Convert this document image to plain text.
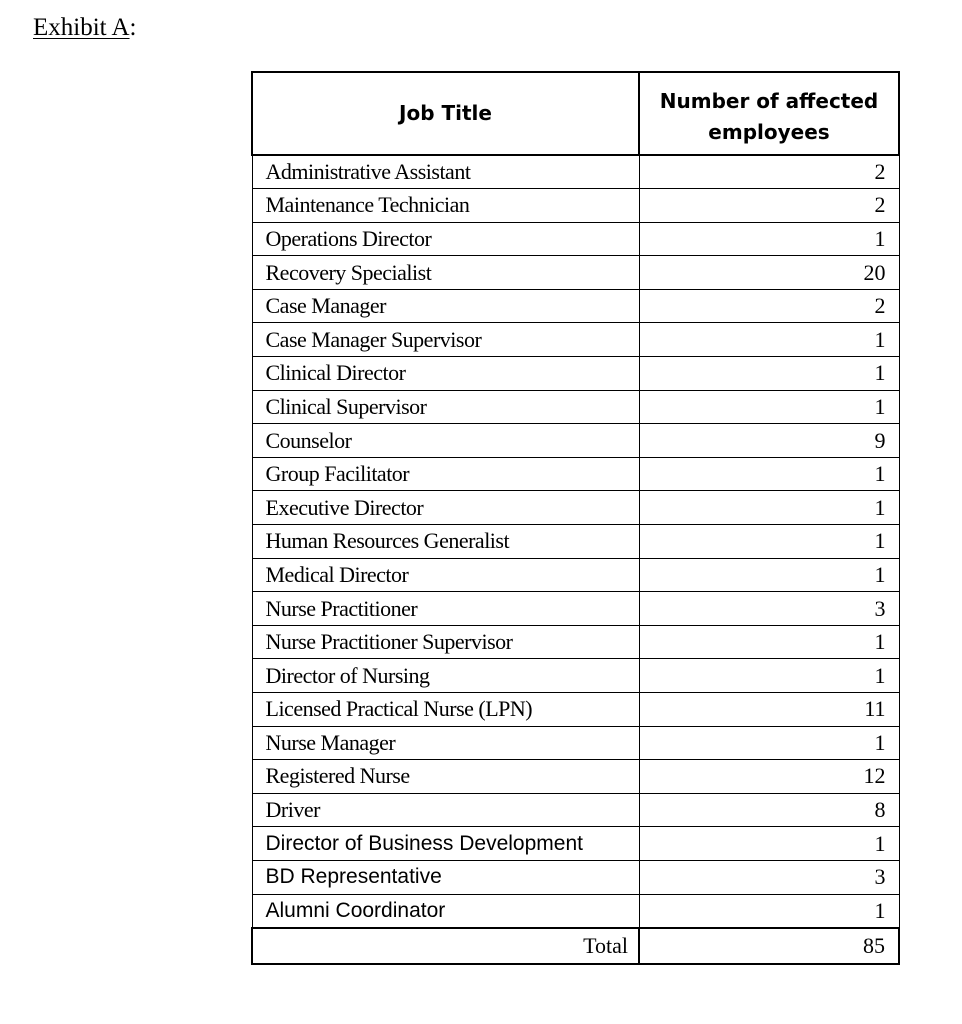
Exhibit A:
Job Title	Number of affected employees
Administrative Assistant	2
Maintenance Technician	2
Operations Director	1
Recovery Specialist	20
Case Manager	2
Case Manager Supervisor	1
Clinical Director	1
Clinical Supervisor	1
Counselor	9
Group Facilitator	1
Executive Director	1
Human Resources Generalist	1
Medical Director	1
Nurse Practitioner	3
Nurse Practitioner Supervisor	1
Director of Nursing	1
Licensed Practical Nurse (LPN)	11
Nurse Manager	1
Registered Nurse	12
Driver	8
Director of Business Development	1
BD Representative	3
Alumni Coordinator	1
Total	85
